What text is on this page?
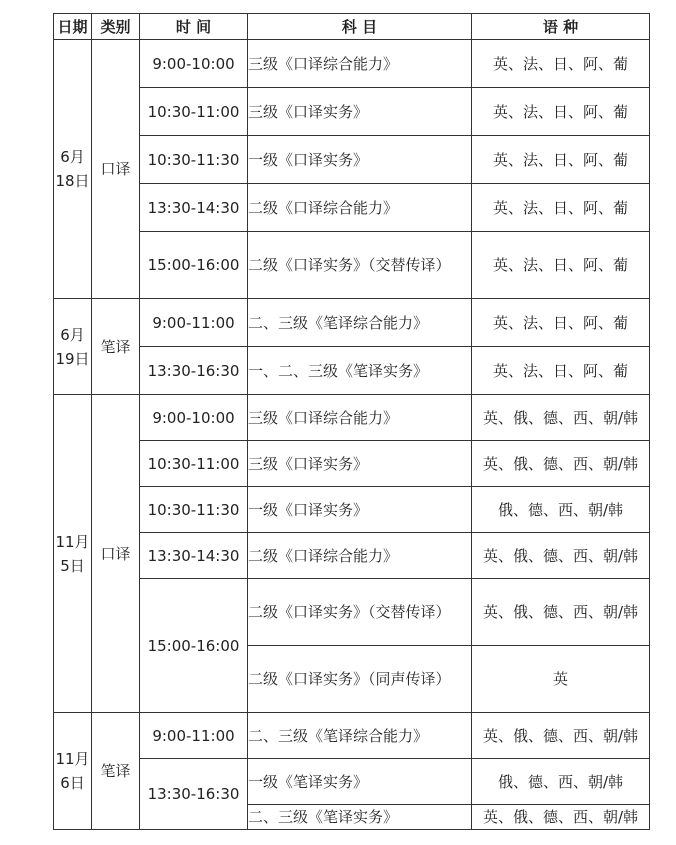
日期	类别	时 间	科 目	语 种

6月
18日	口译	9:00-10:00	三级《口译综合能力》	英、法、日、阿、葡
		10:30-11:00	三级《口译实务》	英、法、日、阿、葡
		10:30-11:30	一级《口译实务》	英、法、日、阿、葡
		13:30-14:30	二级《口译综合能力》	英、法、日、阿、葡
		15:00-16:00	二级《口译实务》（交替传译）	英、法、日、阿、葡

6月
19日	笔译	9:00-11:00	二、三级《笔译综合能力》	英、法、日、阿、葡
		13:30-16:30	一、二、三级《笔译实务》	英、法、日、阿、葡

11月
5日	口译	9:00-10:00	三级《口译综合能力》	英、俄、德、西、朝/韩
		10:30-11:00	三级《口译实务》	英、俄、德、西、朝/韩
		10:30-11:30	一级《口译实务》	俄、德、西、朝/韩
		13:30-14:30	二级《口译综合能力》	英、俄、德、西、朝/韩
		15:00-16:00	二级《口译实务》（交替传译）	英、俄、德、西、朝/韩
			二级《口译实务》（同声传译）	英

11月
6日	笔译	9:00-11:00	二、三级《笔译综合能力》	英、俄、德、西、朝/韩
		13:30-16:30	一级《笔译实务》	俄、德、西、朝/韩
			二、三级《笔译实务》	英、俄、德、西、朝/韩
